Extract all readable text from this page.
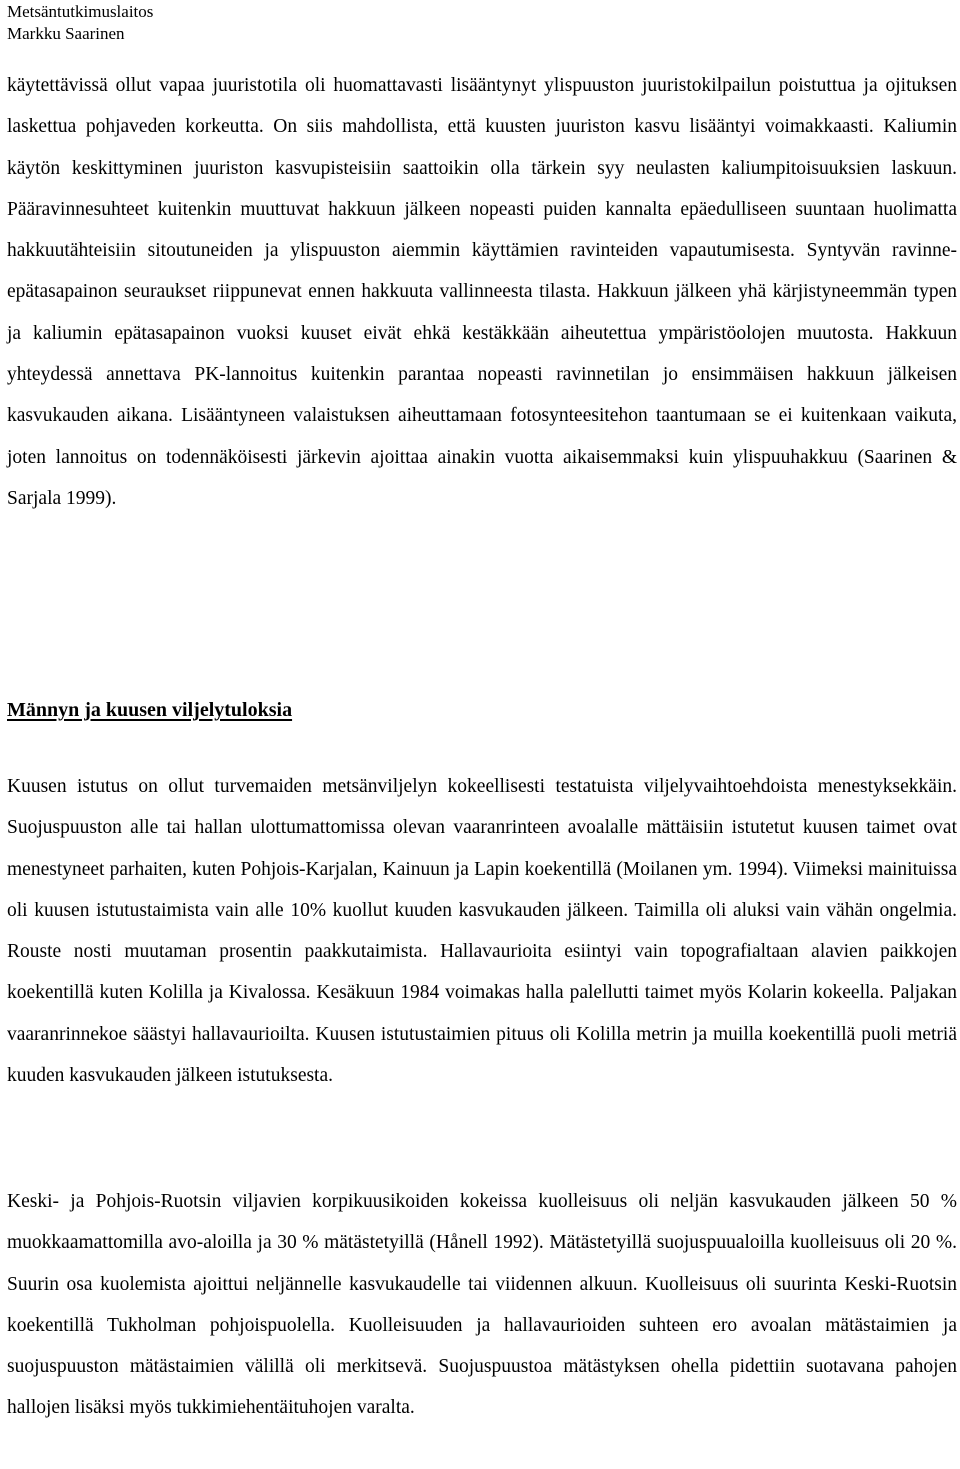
Metsäntutkimuslaitos
Markku Saarinen

käytettävissä ollut vapaa juuristotila oli huomattavasti lisääntynyt ylispuuston juuristokilpailun poistuttua ja ojituksen laskettua pohjaveden korkeutta. On siis mahdollista, että kuusten juuriston kasvu lisääntyi voimakkaasti. Kaliumin käytön keskittyminen juuriston kasvupisteisiin saattoikin olla tärkein syy neulasten kaliumpitoisuuksien laskuun. Pääravinnesuhteet kuitenkin muuttuvat hakkuun jälkeen nopeasti puiden kannalta epäedulliseen suuntaan huolimatta hakkuutähteisiin sitoutuneiden ja ylispuuston aiemmin käyttämien ravinteiden vapautumisesta. Syntyvän ravinne-epätasapainon seuraukset riippunevat ennen hakkuuta vallinneesta tilasta. Hakkuun jälkeen yhä kärjistyneemmän typen ja kaliumin epätasapainon vuoksi kuuset eivät ehkä kestäkkään aiheutettua ympäristöolojen muutosta. Hakkuun yhteydessä annettava PK-lannoitus kuitenkin parantaa nopeasti ravinnetilan jo ensimmäisen hakkuun jälkeisen kasvukauden aikana. Lisääntyneen valaistuksen aiheuttamaan fotosynteesitehon taantumaan se ei kuitenkaan vaikuta, joten lannoitus on todennäköisesti järkevin ajoittaa ainakin vuotta aikaisemmaksi kuin ylispuuhakkuu (Saarinen & Sarjala 1999).

Männyn ja kuusen viljelytuloksia

Kuusen istutus on ollut turvemaiden metsänviljelyn kokeellisesti testatuista viljelyvaihtoehdoista menestyksekkäin. Suojuspuuston alle tai hallan ulottumattomissa olevan vaaranrinteen avoalalle mättäisiin istutetut kuusen taimet ovat menestyneet parhaiten, kuten Pohjois-Karjalan, Kainuun ja Lapin koekentillä (Moilanen ym. 1994). Viimeksi mainituissa oli kuusen istutustaimista vain alle 10% kuollut kuuden kasvukauden jälkeen. Taimilla oli aluksi vain vähän ongelmia. Rouste nosti muutaman prosentin paakkutaimista. Hallavaurioita esiintyi vain topografialtaan alavien paikkojen koekentillä kuten Kolilla ja Kivalossa. Kesäkuun 1984 voimakas halla palellutti taimet myös Kolarin kokeella. Paljakan vaaranrinnekoe säästyi hallavaurioilta. Kuusen istutustaimien pituus oli Kolilla metrin ja muilla koekentillä puoli metriä kuuden kasvukauden jälkeen istutuksesta.

Keski- ja Pohjois-Ruotsin viljavien korpikuusikoiden kokeissa kuolleisuus oli neljän kasvukauden jälkeen 50 % muokkaamattomilla avo-aloilla ja 30 % mätästetyillä (Hånell 1992). Mätästetyillä suojuspuualoilla kuolleisuus oli 20 %. Suurin osa kuolemista ajoittui neljännelle kasvukaudelle tai viidennen alkuun. Kuolleisuus oli suurinta Keski-Ruotsin koekentillä Tukholman pohjoispuolella. Kuolleisuuden ja hallavaurioiden suhteen ero avoalan mätästaimien ja suojuspuuston mätästaimien välillä oli merkitsevä. Suojuspuustoa mätästyksen ohella pidettiin suotavana pahojen hallojen lisäksi myös tukkimiehentäituhojen varalta.
